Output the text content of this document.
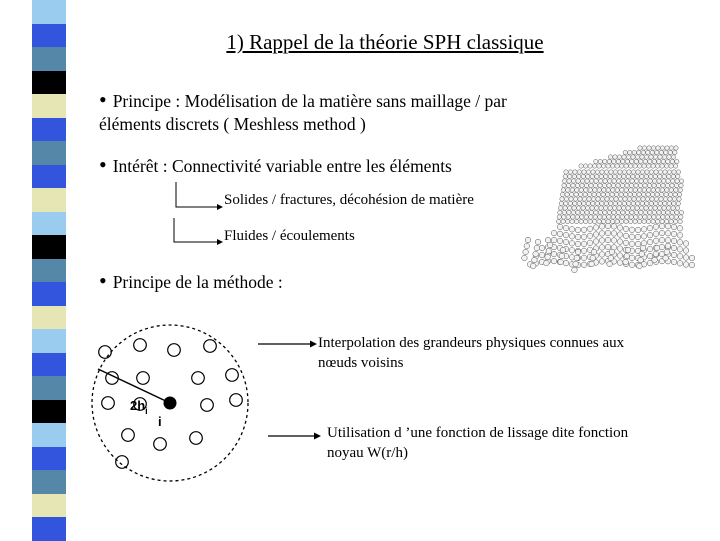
1) Rappel de la théorie SPH classique
• Principe : Modélisation de la matière sans maillage / par
éléments discrets ( Meshless method )
• Intérêt : Connectivité variable entre les éléments
Solides / fractures, décohésion de matière
Fluides / écoulements
• Principe de la méthode :
Interpolation des grandeurs physiques connues aux
nœuds voisins
Utilisation d ’une fonction de lissage dite fonction
noyau W(r/h)
$2h_i$
i
